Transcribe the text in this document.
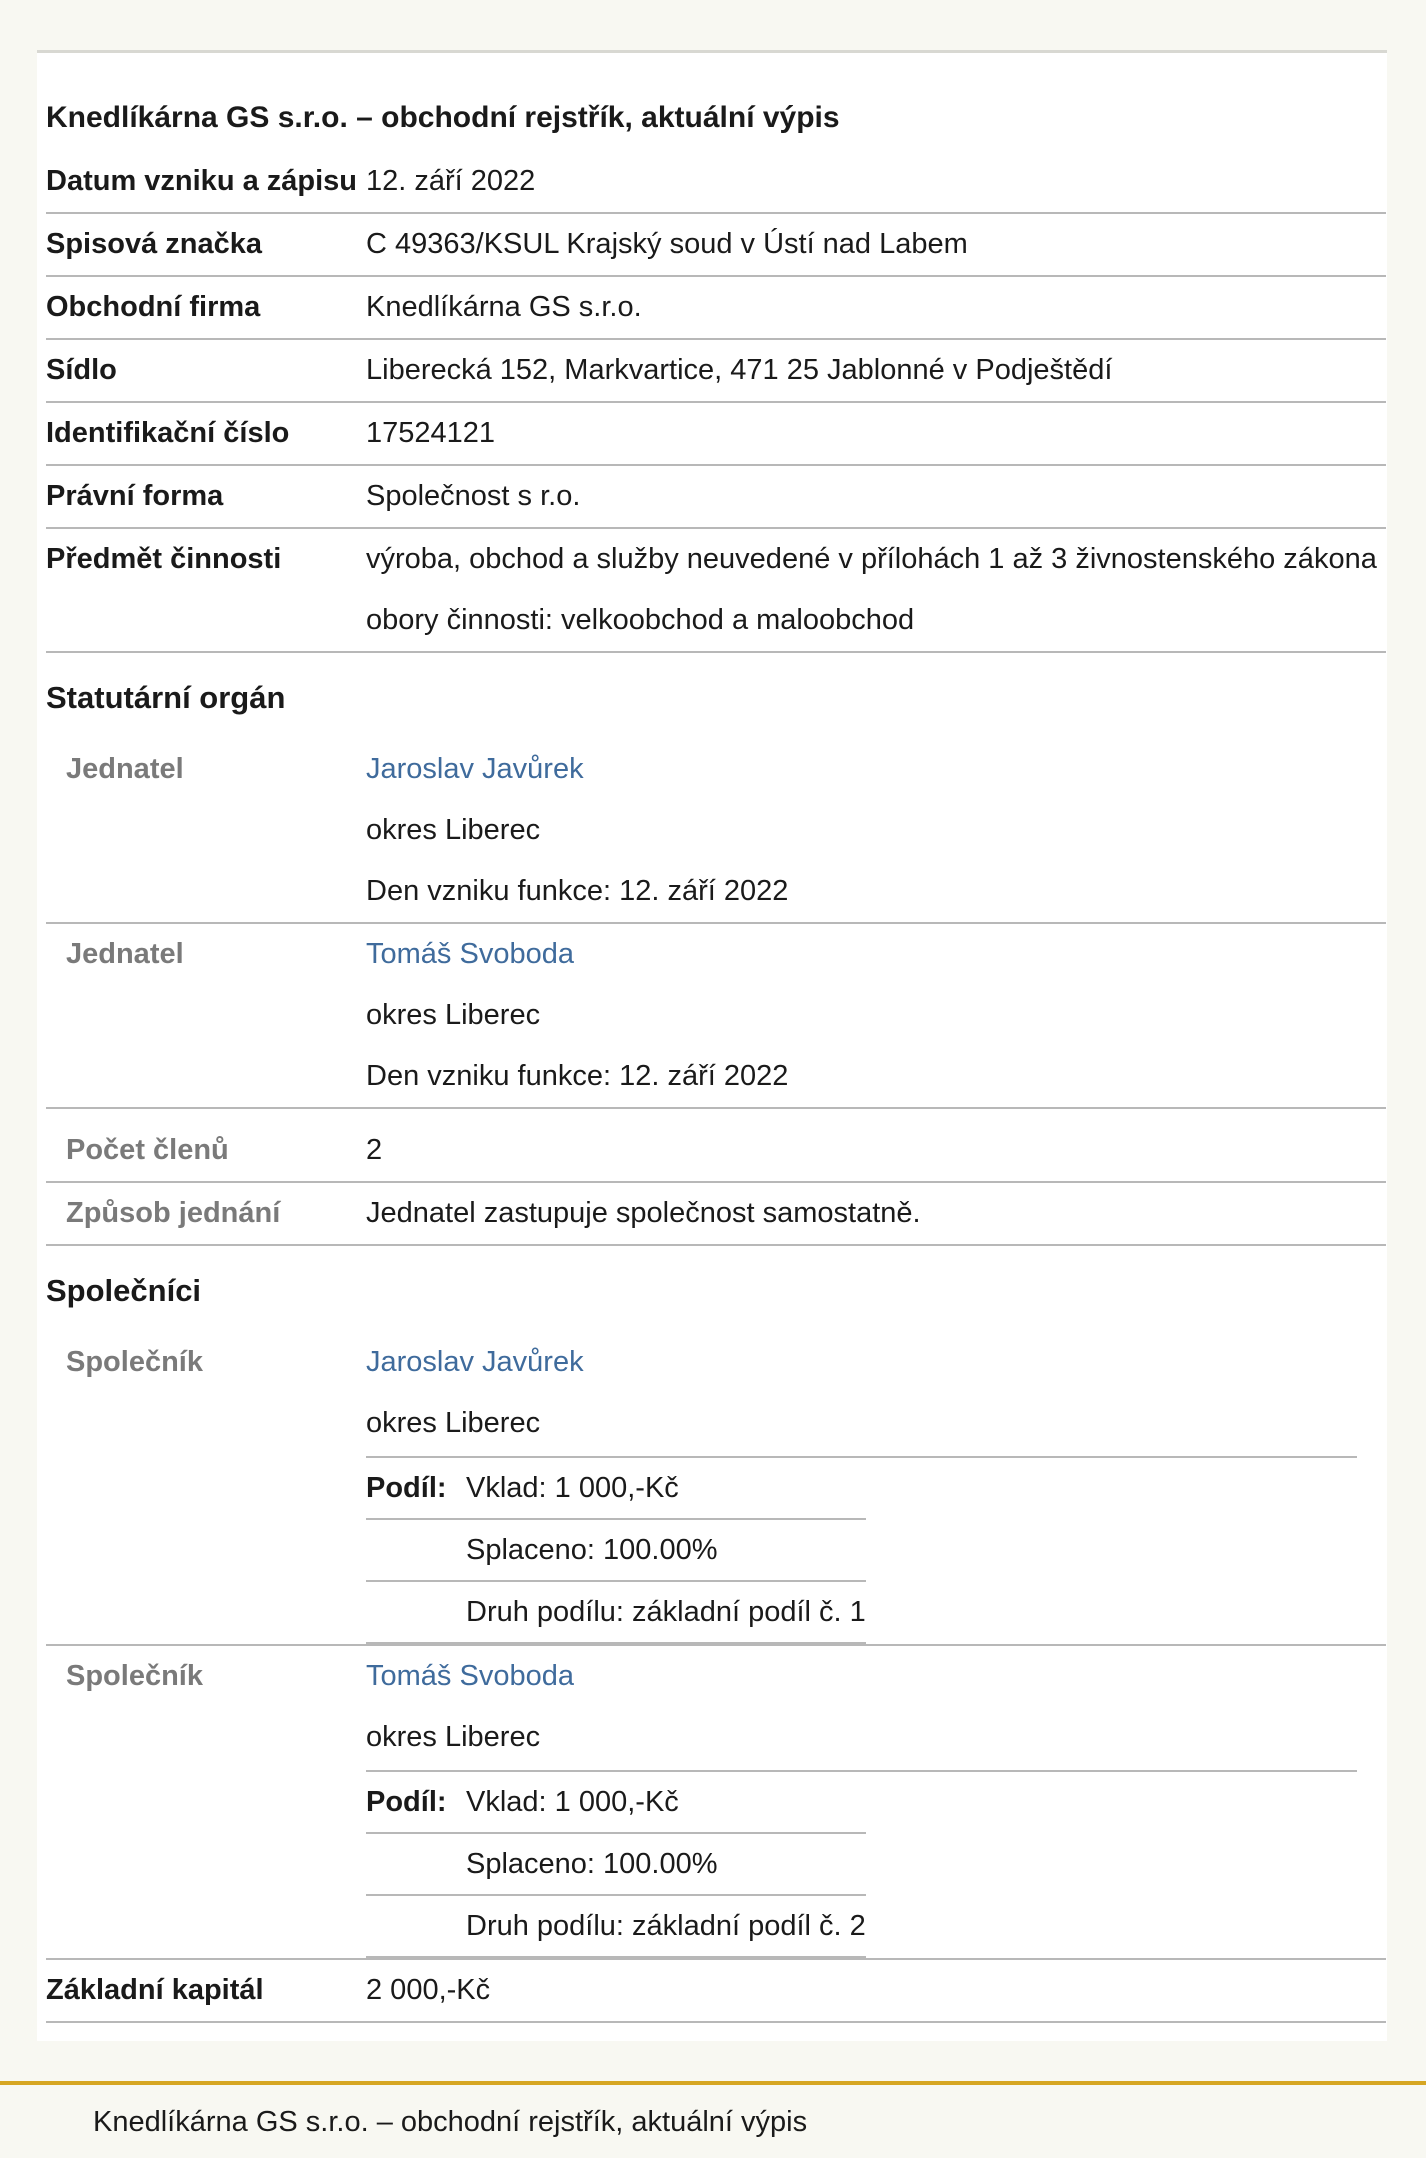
Knedlíkárna GS s.r.o. – obchodní rejstřík, aktuální výpis
Datum vzniku a zápisu	12. září 2022
Spisová značka	C 49363/KSUL Krajský soud v Ústí nad Labem
Obchodní firma	Knedlíkárna GS s.r.o.
Sídlo	Liberecká 152, Markvartice, 471 25 Jablonné v Podještědí
Identifikační číslo	17524121
Právní forma	Společnost s r.o.
Předmět činnosti	výroba, obchod a služby neuvedené v přílohách 1 až 3 živnostenského zákona obory činnosti: velkoobchod a maloobchod
Statutární orgán
Jednatel	Jaroslav Javůrek
okres Liberec
Den vzniku funkce: 12. září 2022

Jednatel	Tomáš Svoboda
okres Liberec
Den vzniku funkce: 12. září 2022

Počet členů	2
Způsob jednání	Jednatel zastupuje společnost samostatně.
Společníci
Společník	Jaroslav Javůrek
okres Liberec
Podíl:	Vklad: 1 000,-Kč
	Splaceno: 100.00%
	Druh podílu: základní podíl č. 1

Společník	Tomáš Svoboda
okres Liberec
Podíl:	Vklad: 1 000,-Kč
	Splaceno: 100.00%
	Druh podílu: základní podíl č. 2

Základní kapitál	2 000,-Kč
Knedlíkárna GS s.r.o. – obchodní rejstřík, aktuální výpis
